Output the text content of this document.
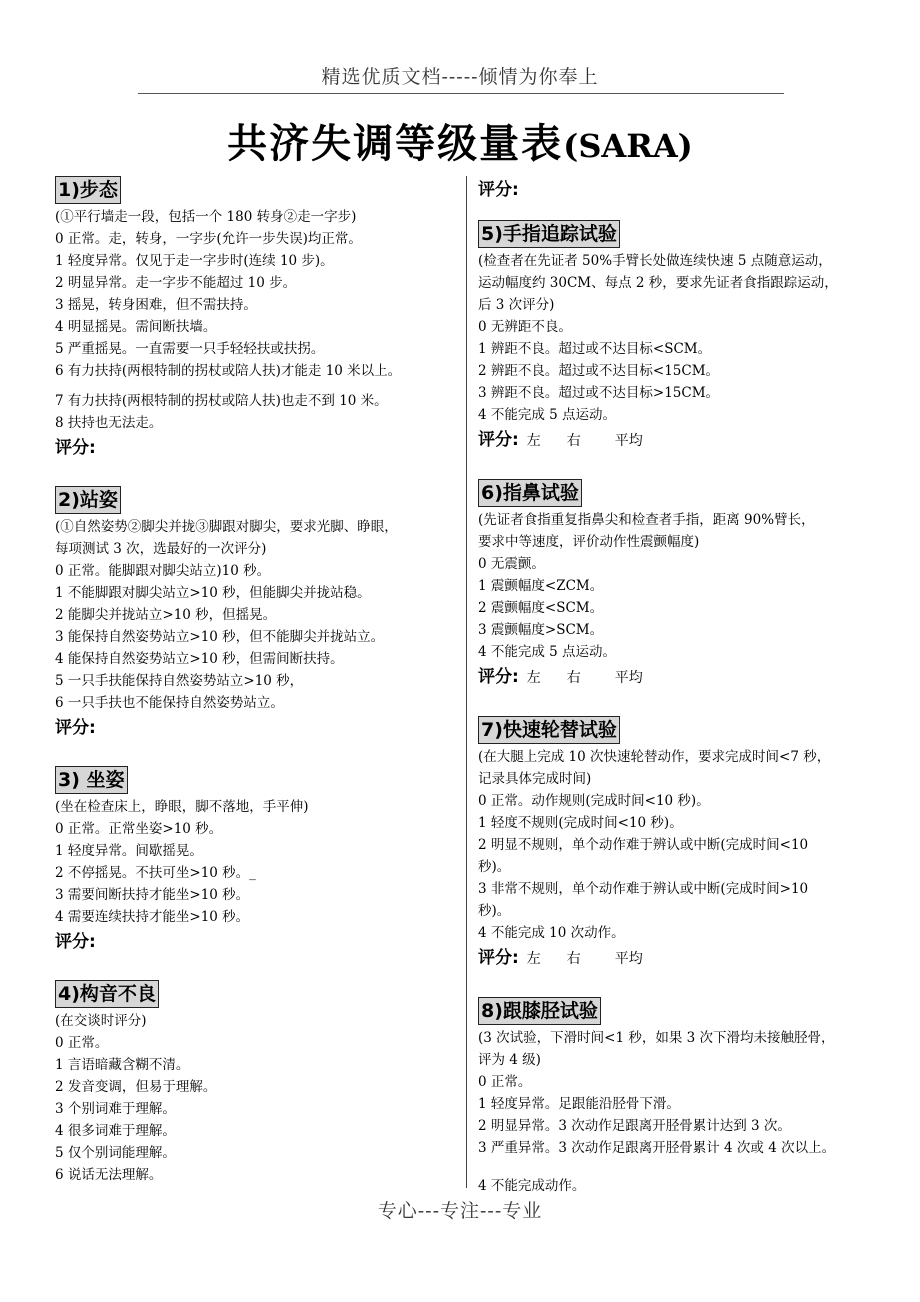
精选优质文档-----倾情为你奉上
共济失调等级量表(SARA)
1)步态
(①平行墙走一段，包括一个 180 转身②走一字步)
0 正常。走，转身，一字步(允许一步失误)均正常。
1 轻度异常。仅见于走一字步时(连续 10 步)。
2 明显异常。走一字步不能超过 10 步。
3 摇晃，转身困难，但不需扶持。
4 明显摇晃。需间断扶墙。
5 严重摇晃。一直需要一只手轻轻扶或扶拐。
6 有力扶持(两根特制的拐杖或陪人扶)才能走 10 米以上。
7 有力扶持(两根特制的拐杖或陪人扶)也走不到 10 米。
8 扶持也无法走。
评分:
2)站姿
(①自然姿势②脚尖并拢③脚跟对脚尖，要求光脚、睁眼，
每项测试 3 次，选最好的一次评分)
0 正常。能脚跟对脚尖站立)10 秒。
1 不能脚跟对脚尖站立>10 秒，但能脚尖并拢站稳。
2 能脚尖并拢站立>10 秒，但摇晃。
3 能保持自然姿势站立>10 秒，但不能脚尖并拢站立。
4 能保持自然姿势站立>10 秒，但需间断扶持。
5 一只手扶能保持自然姿势站立>10 秒，
6 一只手扶也不能保持自然姿势站立。
评分:
3) 坐姿
(坐在检查床上，睁眼，脚不落地，手平伸)
0 正常。正常坐姿>10 秒。
1 轻度异常。间歇摇晃。
2 不停摇晃。不扶可坐>10 秒。_
3 需要间断扶持才能坐>10 秒。
4 需要连续扶持才能坐>10 秒。
评分:
4)构音不良
(在交谈时评分)
0 正常。
1 言语暗藏含糊不清。
2 发音变调，但易于理解。
3 个别词难于理解。
4 很多词难于理解。
5 仅个别词能理解。
6 说话无法理解。
评分:
5)手指追踪试验
(检查者在先证者 50%手臂长处做连续快速 5 点随意运动，
运动幅度约 30CM、每点 2 秒，要求先证者食指跟踪运动，
后 3 次评分)
0 无辨距不良。
1 辨距不良。超过或不达目标<SCM。
2 辨距不良。超过或不达目标<15CM。
3 辨距不良。超过或不达目标>15CM。
4 不能完成 5 点运动。
评分: 左 右 平均
6)指鼻试验
(先证者食指重复指鼻尖和检查者手指，距离 90%臂长，
要求中等速度，评价动作性震颤幅度)
0 无震颤。
1 震颤幅度<ZCM。
2 震颤幅度<SCM。
3 震颤幅度>SCM。
4 不能完成 5 点运动。
评分: 左 右 平均
7)快速轮替试验
(在大腿上完成 10 次快速轮替动作，要求完成时间<7 秒，
记录具体完成时间)
0 正常。动作规则(完成时间<10 秒)。
1 轻度不规则(完成时间<10 秒)。
2 明显不规则，单个动作难于辨认或中断(完成时间<10
秒)。
3 非常不规则，单个动作难于辨认或中断(完成时间>10
秒)。
4 不能完成 10 次动作。
评分: 左 右 平均
8)跟膝胫试验
(3 次试验，下滑时间<1 秒，如果 3 次下滑均未接触胫骨，
评为 4 级)
0 正常。
1 轻度异常。足跟能沿胫骨下滑。
2 明显异常。3 次动作足跟离开胫骨累计达到 3 次。
3 严重异常。3 次动作足跟离开胫骨累计 4 次或 4 次以上。
4 不能完成动作。
专心---专注---专业
